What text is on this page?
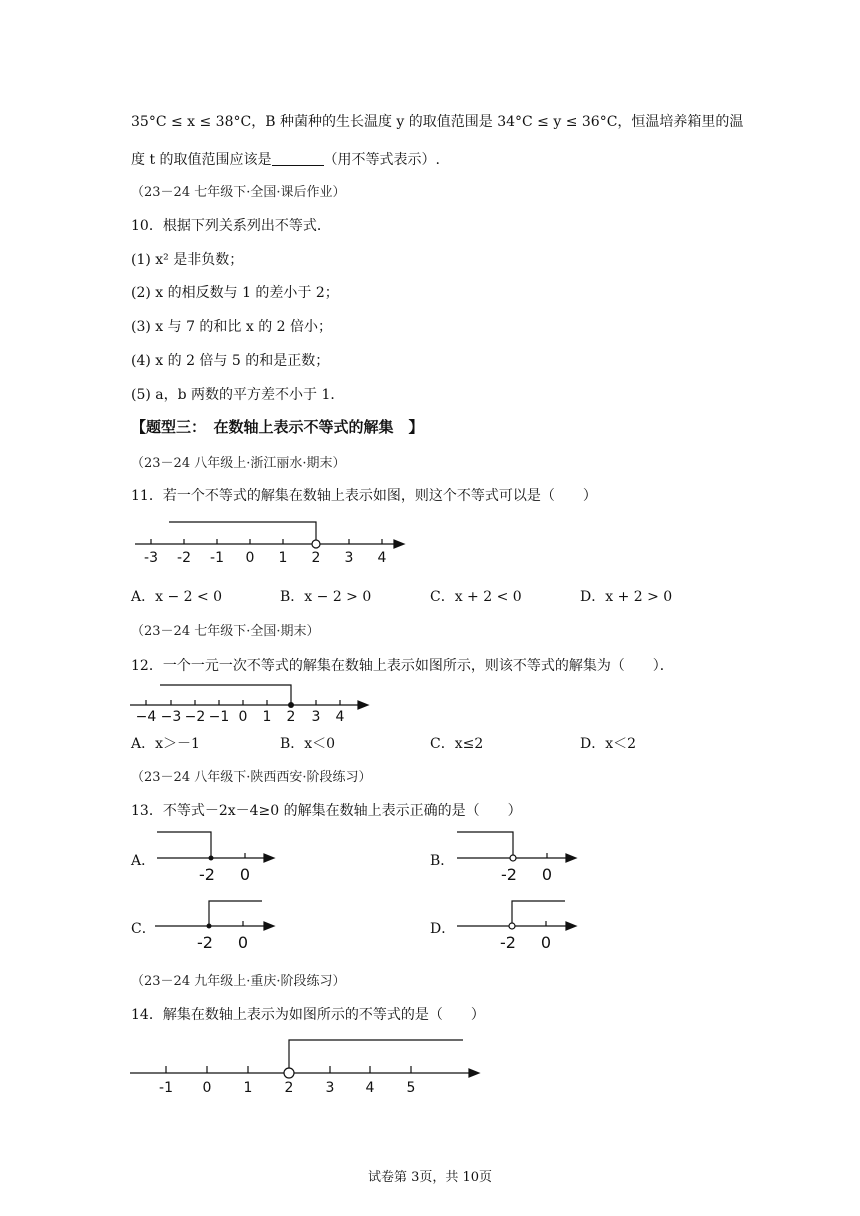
35°C ≤ x ≤ 38°C，B 种菌种的生长温度 y 的取值范围是 34°C ≤ y ≤ 36°C，恒温培养箱里的温
度 t 的取值范围应该是	（用不等式表示）.
（23－24 七年级下·全国·课后作业）
10．根据下列关系列出不等式．
(1) x² 是非负数；
(2) x 的相反数与 1 的差小于 2；
(3) x 与 7 的和比 x 的 2 倍小；
(4) x 的 2 倍与 5 的和是正数；
(5) a，b 两数的平方差不小于 1．
【题型三：　在数轴上表示不等式的解集　】
（23－24 八年级上·浙江丽水·期末）
11．若一个不等式的解集在数轴上表示如图，则这个不等式可以是（　　）
-3 -2 -1 0 1 2 3 4
−4 −3 −2 −1 0 1 2 3 4
-2 0	-2 0
-2 0	-2 0
-1 0 1 2 3 4 5
A．x − 2 < 0	B．x − 2 > 0	C．x + 2 < 0	D．x + 2 > 0
（23－24 七年级下·全国·期末）
12．一个一元一次不等式的解集在数轴上表示如图所示，则该不等式的解集为（　　）．
A．x＞－1	B．x＜0	C．x≤2	D．x＜2
（23－24 八年级下·陕西西安·阶段练习）
13．不等式－2x－4≥0 的解集在数轴上表示正确的是（　　）
A．	B．
C．	D．
（23－24 九年级上·重庆·阶段练习）
14．解集在数轴上表示为如图所示的不等式的是（　　）
试卷第 3页，共 10页
